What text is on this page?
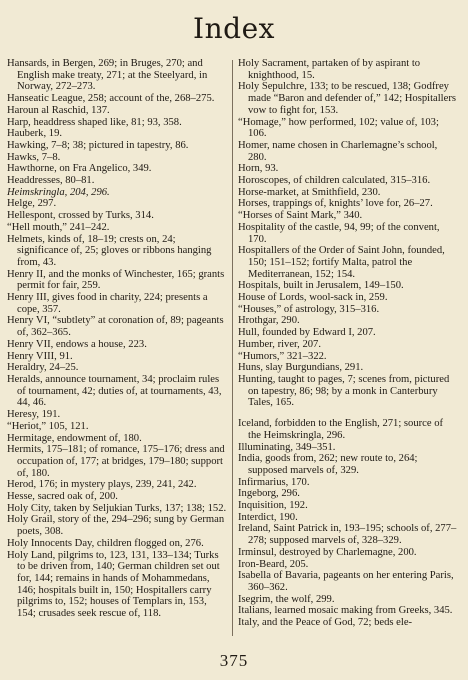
Index

Hansards, in Bergen, 269; in Bruges, 270; and English make treaty, 271; at the Steelyard, in Norway, 272–273.

Hanseatic League, 258; account of the, 268–275.

Haroun al Raschid, 137.

Harp, headdress shaped like, 81; 93, 358.

Hauberk, 19.

Hawking, 7–8; 38; pictured in tapestry, 86.

Hawks, 7–8.

Hawthorne, on Fra Angelico, 349.

Headdresses, 80–81.

Heimskringla, 204, 296.

Helge, 297.

Hellespont, crossed by Turks, 314.

“Hell mouth,” 241–242.

Helmets, kinds of, 18–19; crests on, 24; significance of, 25; gloves or ribbons hanging from, 43.

Henry II, and the monks of Winchester, 165; grants permit for fair, 259.

Henry III, gives food in charity, 224; presents a cope, 357.

Henry VI, “subtlety” at coronation of, 89; pageants of, 362–365.

Henry VII, endows a house, 223.

Henry VIII, 91.

Heraldry, 24–25.

Heralds, announce tournament, 34; proclaim rules of tournament, 42; duties of, at tournaments, 43, 44, 46.

Heresy, 191.

“Heriot,” 105, 121.

Hermitage, endowment of, 180.

Hermits, 175–181; of romance, 175–176; dress and occupation of, 177; at bridges, 179–180; support of, 180.

Herod, 176; in mystery plays, 239, 241, 242.

Hesse, sacred oak of, 200.

Holy City, taken by Seljukian Turks, 137; 138; 152.

Holy Grail, story of the, 294–296; sung by German poets, 308.

Holy Innocents Day, children flogged on, 276.

Holy Land, pilgrims to, 123, 131, 133–134; Turks to be driven from, 140; German children set out for, 144; remains in hands of Mohammedans, 146; hospitals built in, 150; Hospitallers carry pilgrims to, 152; houses of Templars in, 153, 154; crusades seek rescue of, 118.

Holy Sacrament, partaken of by aspirant to knighthood, 15.

Holy Sepulchre, 133; to be rescued, 138; Godfrey made “Baron and defender of,” 142; Hospitallers vow to fight for, 153.

“Homage,” how performed, 102; value of, 103; 106.

Homer, name chosen in Charlemagne’s school, 280.

Horn, 93.

Horoscopes, of children calculated, 315–316.

Horse-market, at Smithfield, 230.

Horses, trappings of, knights’ love for, 26–27.

“Horses of Saint Mark,” 340.

Hospitality of the castle, 94, 99; of the convent, 170.

Hospitallers of the Order of Saint John, founded, 150; 151–152; fortify Malta, patrol the Mediterranean, 152; 154.

Hospitals, built in Jerusalem, 149–150.

House of Lords, wool-sack in, 259.

“Houses,” of astrology, 315–316.

Hrothgar, 290.

Hull, founded by Edward I, 207.

Humber, river, 207.

“Humors,” 321–322.

Huns, slay Burgundians, 291.

Hunting, taught to pages, 7; scenes from, pictured on tapestry, 86; 98; by a monk in Canterbury Tales, 165.

Iceland, forbidden to the English, 271; source of the Heimskringla, 296.

Illuminating, 349–351.

India, goods from, 262; new route to, 264; supposed marvels of, 329.

Infirmarius, 170.

Ingeborg, 296.

Inquisition, 192.

Interdict, 190.

Ireland, Saint Patrick in, 193–195; schools of, 277–278; supposed marvels of, 328–329.

Irminsul, destroyed by Charlemagne, 200.

Iron-Beard, 205.

Isabella of Bavaria, pageants on her entering Paris, 360–362.

Isegrim, the wolf, 299.

Italians, learned mosaic making from Greeks, 345.

Italy, and the Peace of God, 72; beds ele-

375
